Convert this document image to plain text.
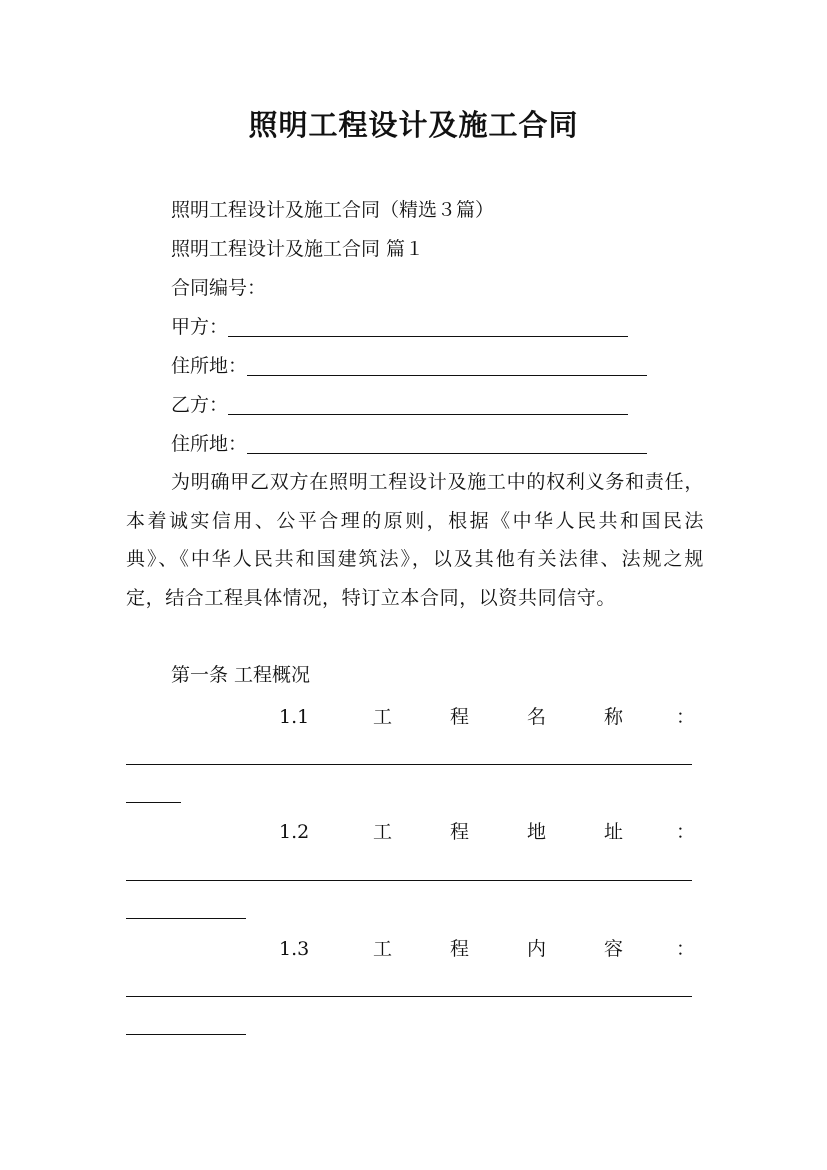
照明工程设计及施工合同
照明工程设计及施工合同（精选３篇）
照明工程设计及施工合同 篇１
合同编号：
甲方：
住所地：
乙方：
住所地：
为明确甲乙双方在照明工程设计及施工中的权利义务和责任，本着诚实信用、公平合理的原则，根据《中华人民共和国民法典》、《中华人民共和国建筑法》，以及其他有关法律、法规之规定，结合工程具体情况，特订立本合同，以资共同信守。
第一条 工程概况
1.1	工	程	名	称	：
1.2	工	程	地	址	：
1.3	工	程	内	容	：
